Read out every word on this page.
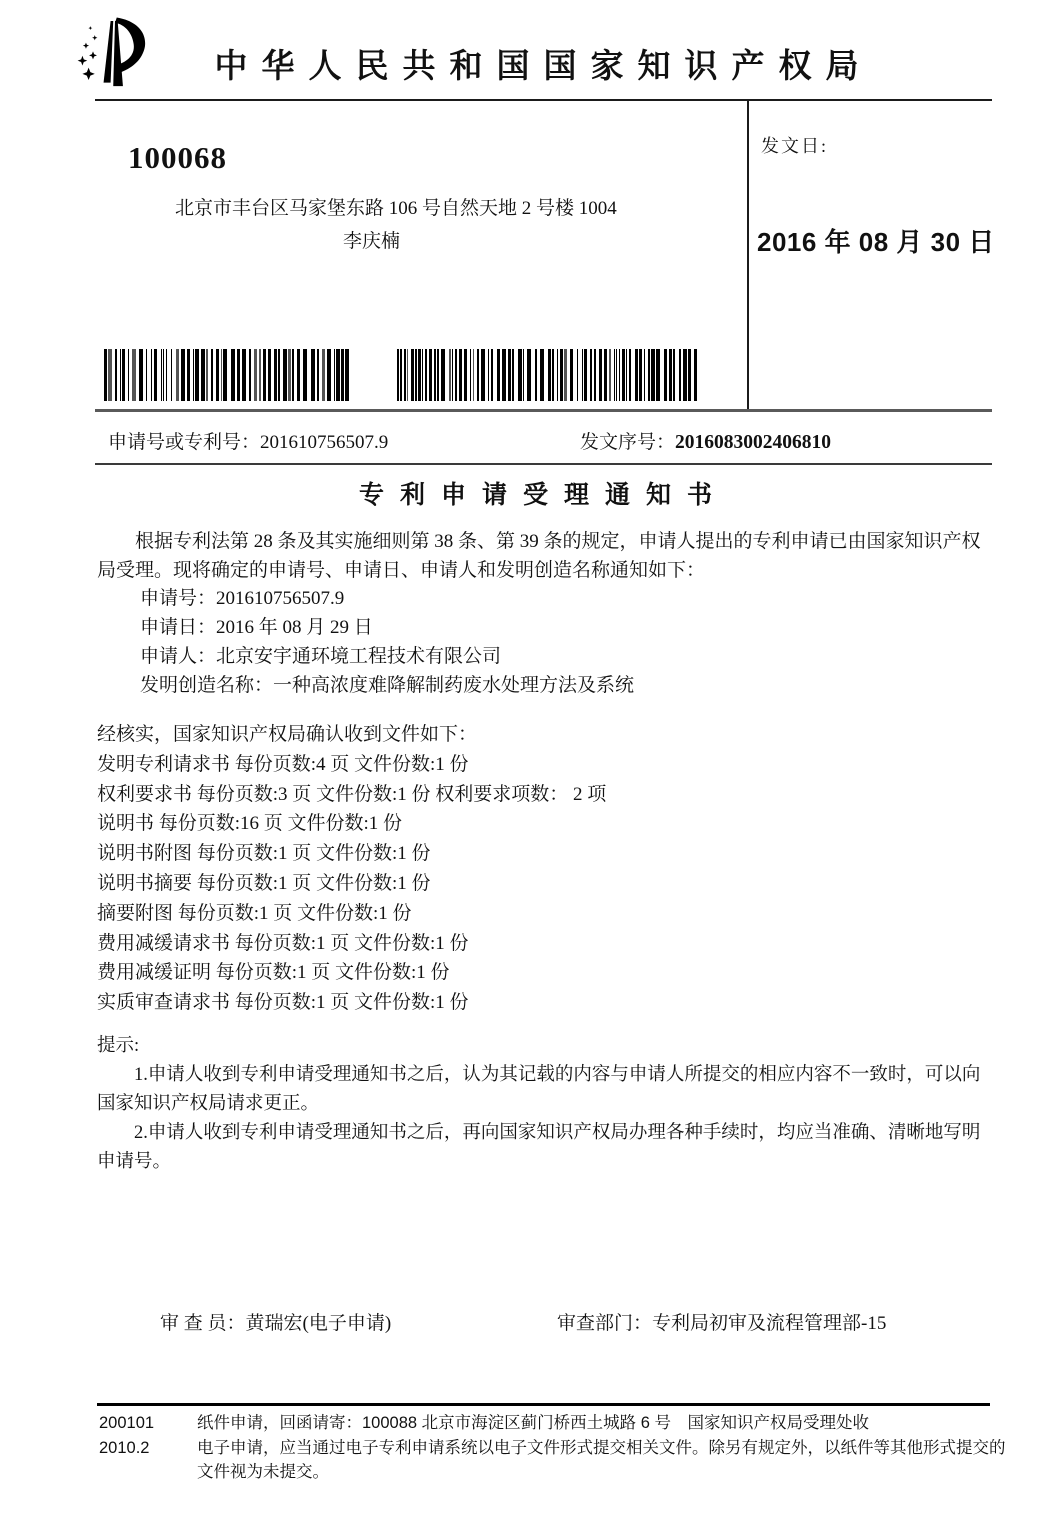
中华人民共和国国家知识产权局
100068
北京市丰台区马家堡东路 106 号自然天地 2 号楼 1004
李庆楠
发文日:
2016 年 08 月 30 日
申请号或专利号：201610756507.9	发文序号：2016083002406810
专利申请受理通知书
根据专利法第 28 条及其实施细则第 38 条、第 39 条的规定，申请人提出的专利申请已由国家知识产权局受理。现将确定的申请号、申请日、申请人和发明创造名称通知如下：
申请号：201610756507.9
申请日：2016 年 08 月 29 日
申请人：北京安宇通环境工程技术有限公司
发明创造名称：一种高浓度难降解制药废水处理方法及系统
经核实，国家知识产权局确认收到文件如下：
发明专利请求书 每份页数:4 页 文件份数:1 份
权利要求书 每份页数:3 页 文件份数:1 份 权利要求项数： 2 项
说明书 每份页数:16 页 文件份数:1 份
说明书附图 每份页数:1 页 文件份数:1 份
说明书摘要 每份页数:1 页 文件份数:1 份
摘要附图 每份页数:1 页 文件份数:1 份
费用减缓请求书 每份页数:1 页 文件份数:1 份
费用减缓证明 每份页数:1 页 文件份数:1 份
实质审查请求书 每份页数:1 页 文件份数:1 份
提示:
1.申请人收到专利申请受理通知书之后，认为其记载的内容与申请人所提交的相应内容不一致时，可以向国家知识产权局请求更正。
2.申请人收到专利申请受理通知书之后，再向国家知识产权局办理各种手续时，均应当准确、清晰地写明申请号。
审 查 员：黄瑞宏(电子申请)	审查部门：专利局初审及流程管理部-15
200101
2010.2
纸件申请，回函请寄：100088 北京市海淀区蓟门桥西土城路 6 号　国家知识产权局受理处收
电子申请，应当通过电子专利申请系统以电子文件形式提交相关文件。除另有规定外，以纸件等其他形式提交的
文件视为未提交。
